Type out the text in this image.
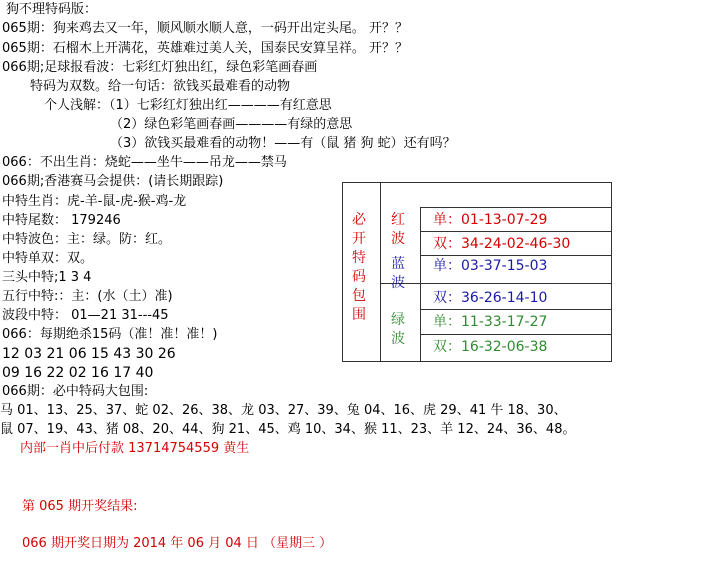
狗不理特码版：
065期：狗来鸡去又一年，顺风顺水顺人意，一码开出定头尾。 开？？
065期：石榴木上开满花，英雄难过美人关，国泰民安算呈祥。 开？？
066期;足球报看波：七彩红灯独出红，绿色彩笔画春画
特码为双数。给一句话：欲钱买最难看的动物
个人浅解：（1）七彩红灯独出红————有红意思
（2）绿色彩笔画春画————有绿的意思
（3）欲钱买最难看的动物！——有（鼠 猪 狗 蛇）还有吗？
066：不出生肖：烧蛇——坐牛——吊龙——禁马
066期;香港赛马会提供：(请长期跟踪)
中特生肖：虎-羊-鼠-虎-猴-鸡-龙
中特尾数： 179246
中特波色：主：绿。防：红。
中特单双：双。
三头中特;1 3 4
五行中特:：主：(水（土）准)
波段中特： 01—21 31---45
066：每期绝杀15码（准！准！准！)
12 03 21 06 15 43 30 26
09 16 22 02 16 17 40
066期：必中特码大包围:
马 01、13、25、37、蛇 02、26、38、龙 03、27、39、兔 04、16、虎 29、41 牛 18、30、
鼠 07、19、43、猪 08、20、44、狗 21、45、鸡 10、34、猴 11、23、羊 12、24、36、48。
内部一肖中后付款 13714754559 黄生
第 065 期开奖结果:
066 期开奖日期为 2014 年 06 月 04 日 （星期三 ）
必开特码包围
红波
蓝波
绿波
单：01-13-07-29
双：34-24-02-46-30
单：03-37-15-03
双：36-26-14-10
单：11-33-17-27
双：16-32-06-38
